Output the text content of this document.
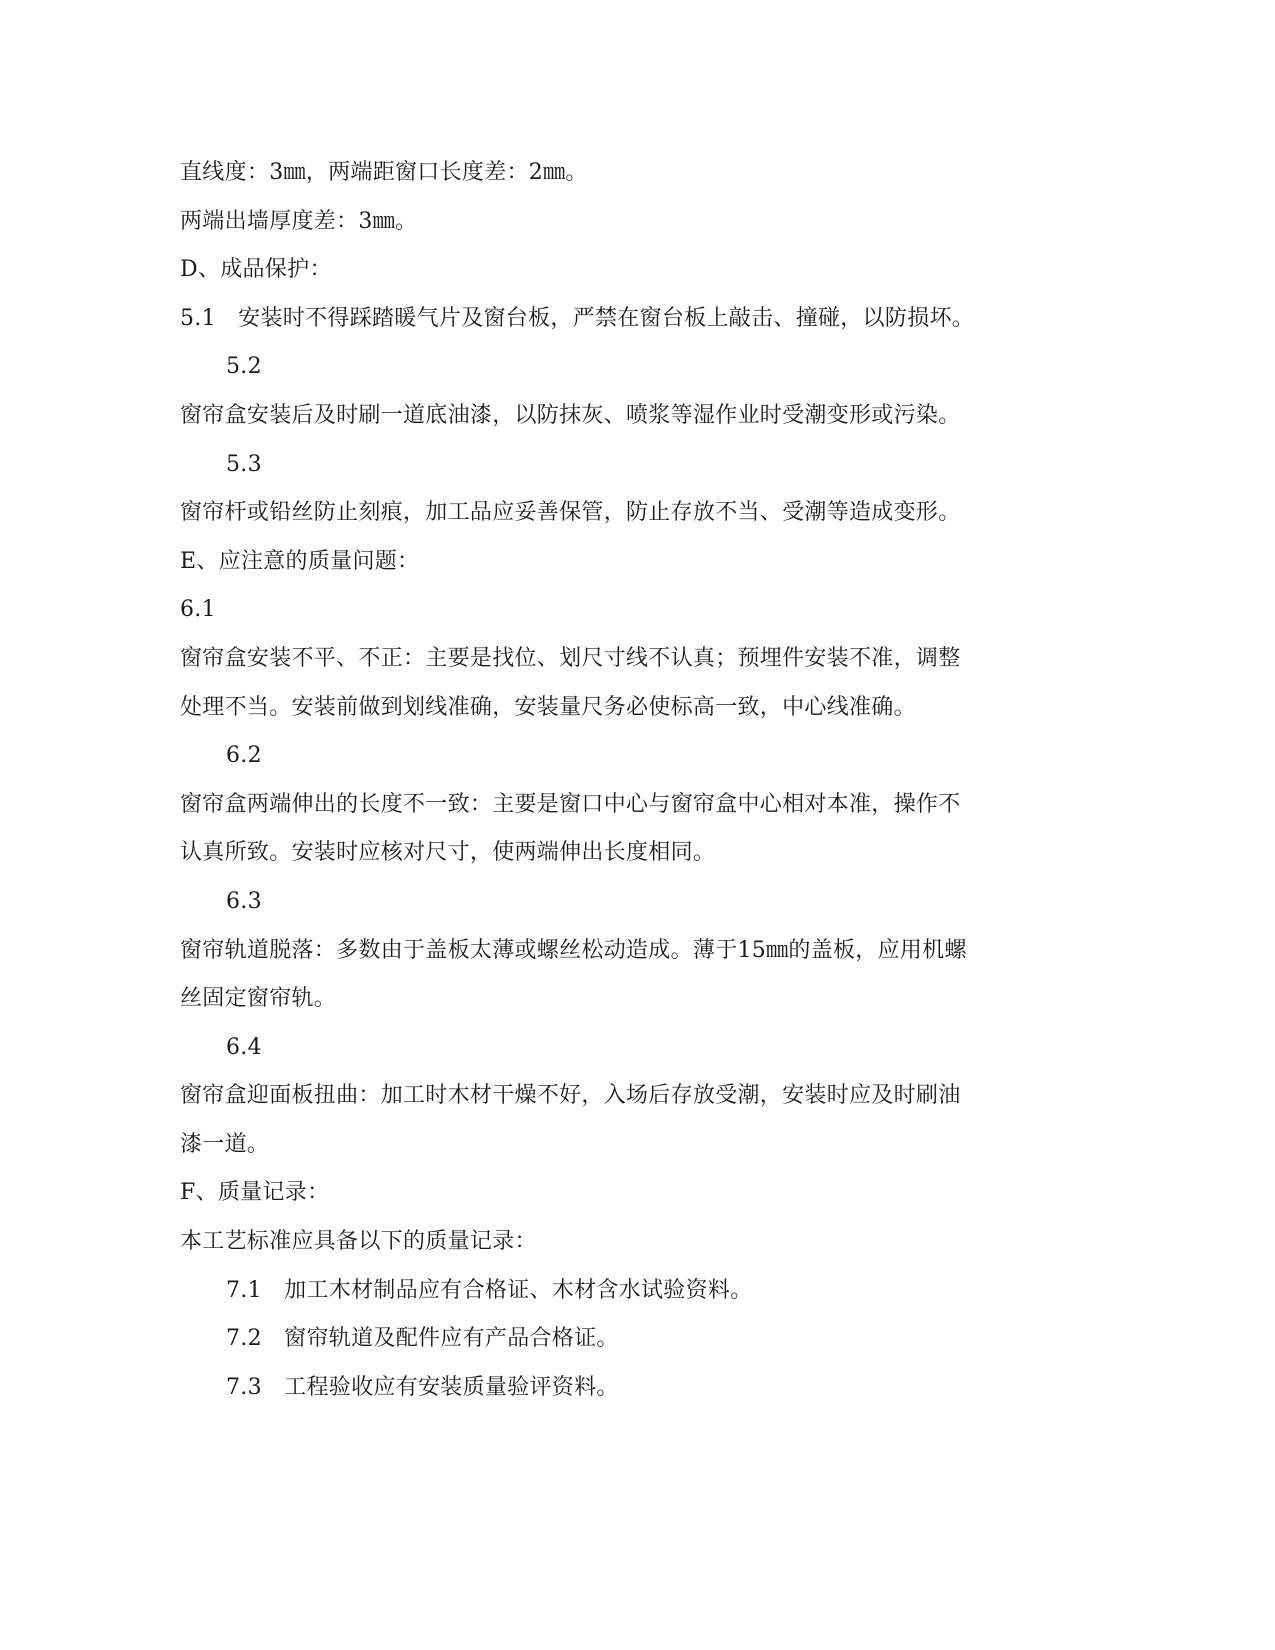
直线度：3㎜，两端距窗口长度差：2㎜。
两端出墙厚度差：3㎜。
D、成品保护：
5.1　安装时不得踩踏暖气片及窗台板，严禁在窗台板上敲击、撞碰，以防损坏。
5.2
窗帘盒安装后及时刷一道底油漆，以防抹灰、喷浆等湿作业时受潮变形或污染。
5.3
窗帘杆或铅丝防止刻痕，加工品应妥善保管，防止存放不当、受潮等造成变形。
E、应注意的质量问题：
6.1
窗帘盒安装不平、不正：主要是找位、划尺寸线不认真；预埋件安装不准，调整
处理不当。安装前做到划线准确，安装量尺务必使标高一致，中心线准确。
6.2
窗帘盒两端伸出的长度不一致：主要是窗口中心与窗帘盒中心相对本准，操作不
认真所致。安装时应核对尺寸，使两端伸出长度相同。
6.3
窗帘轨道脱落：多数由于盖板太薄或螺丝松动造成。薄于15㎜的盖板，应用机螺
丝固定窗帘轨。
6.4
窗帘盒迎面板扭曲：加工时木材干燥不好，入场后存放受潮，安装时应及时刷油
漆一道。
F、质量记录：
本工艺标准应具备以下的质量记录：
7.1　加工木材制品应有合格证、木材含水试验资料。
7.2　窗帘轨道及配件应有产品合格证。
7.3　工程验收应有安装质量验评资料。
